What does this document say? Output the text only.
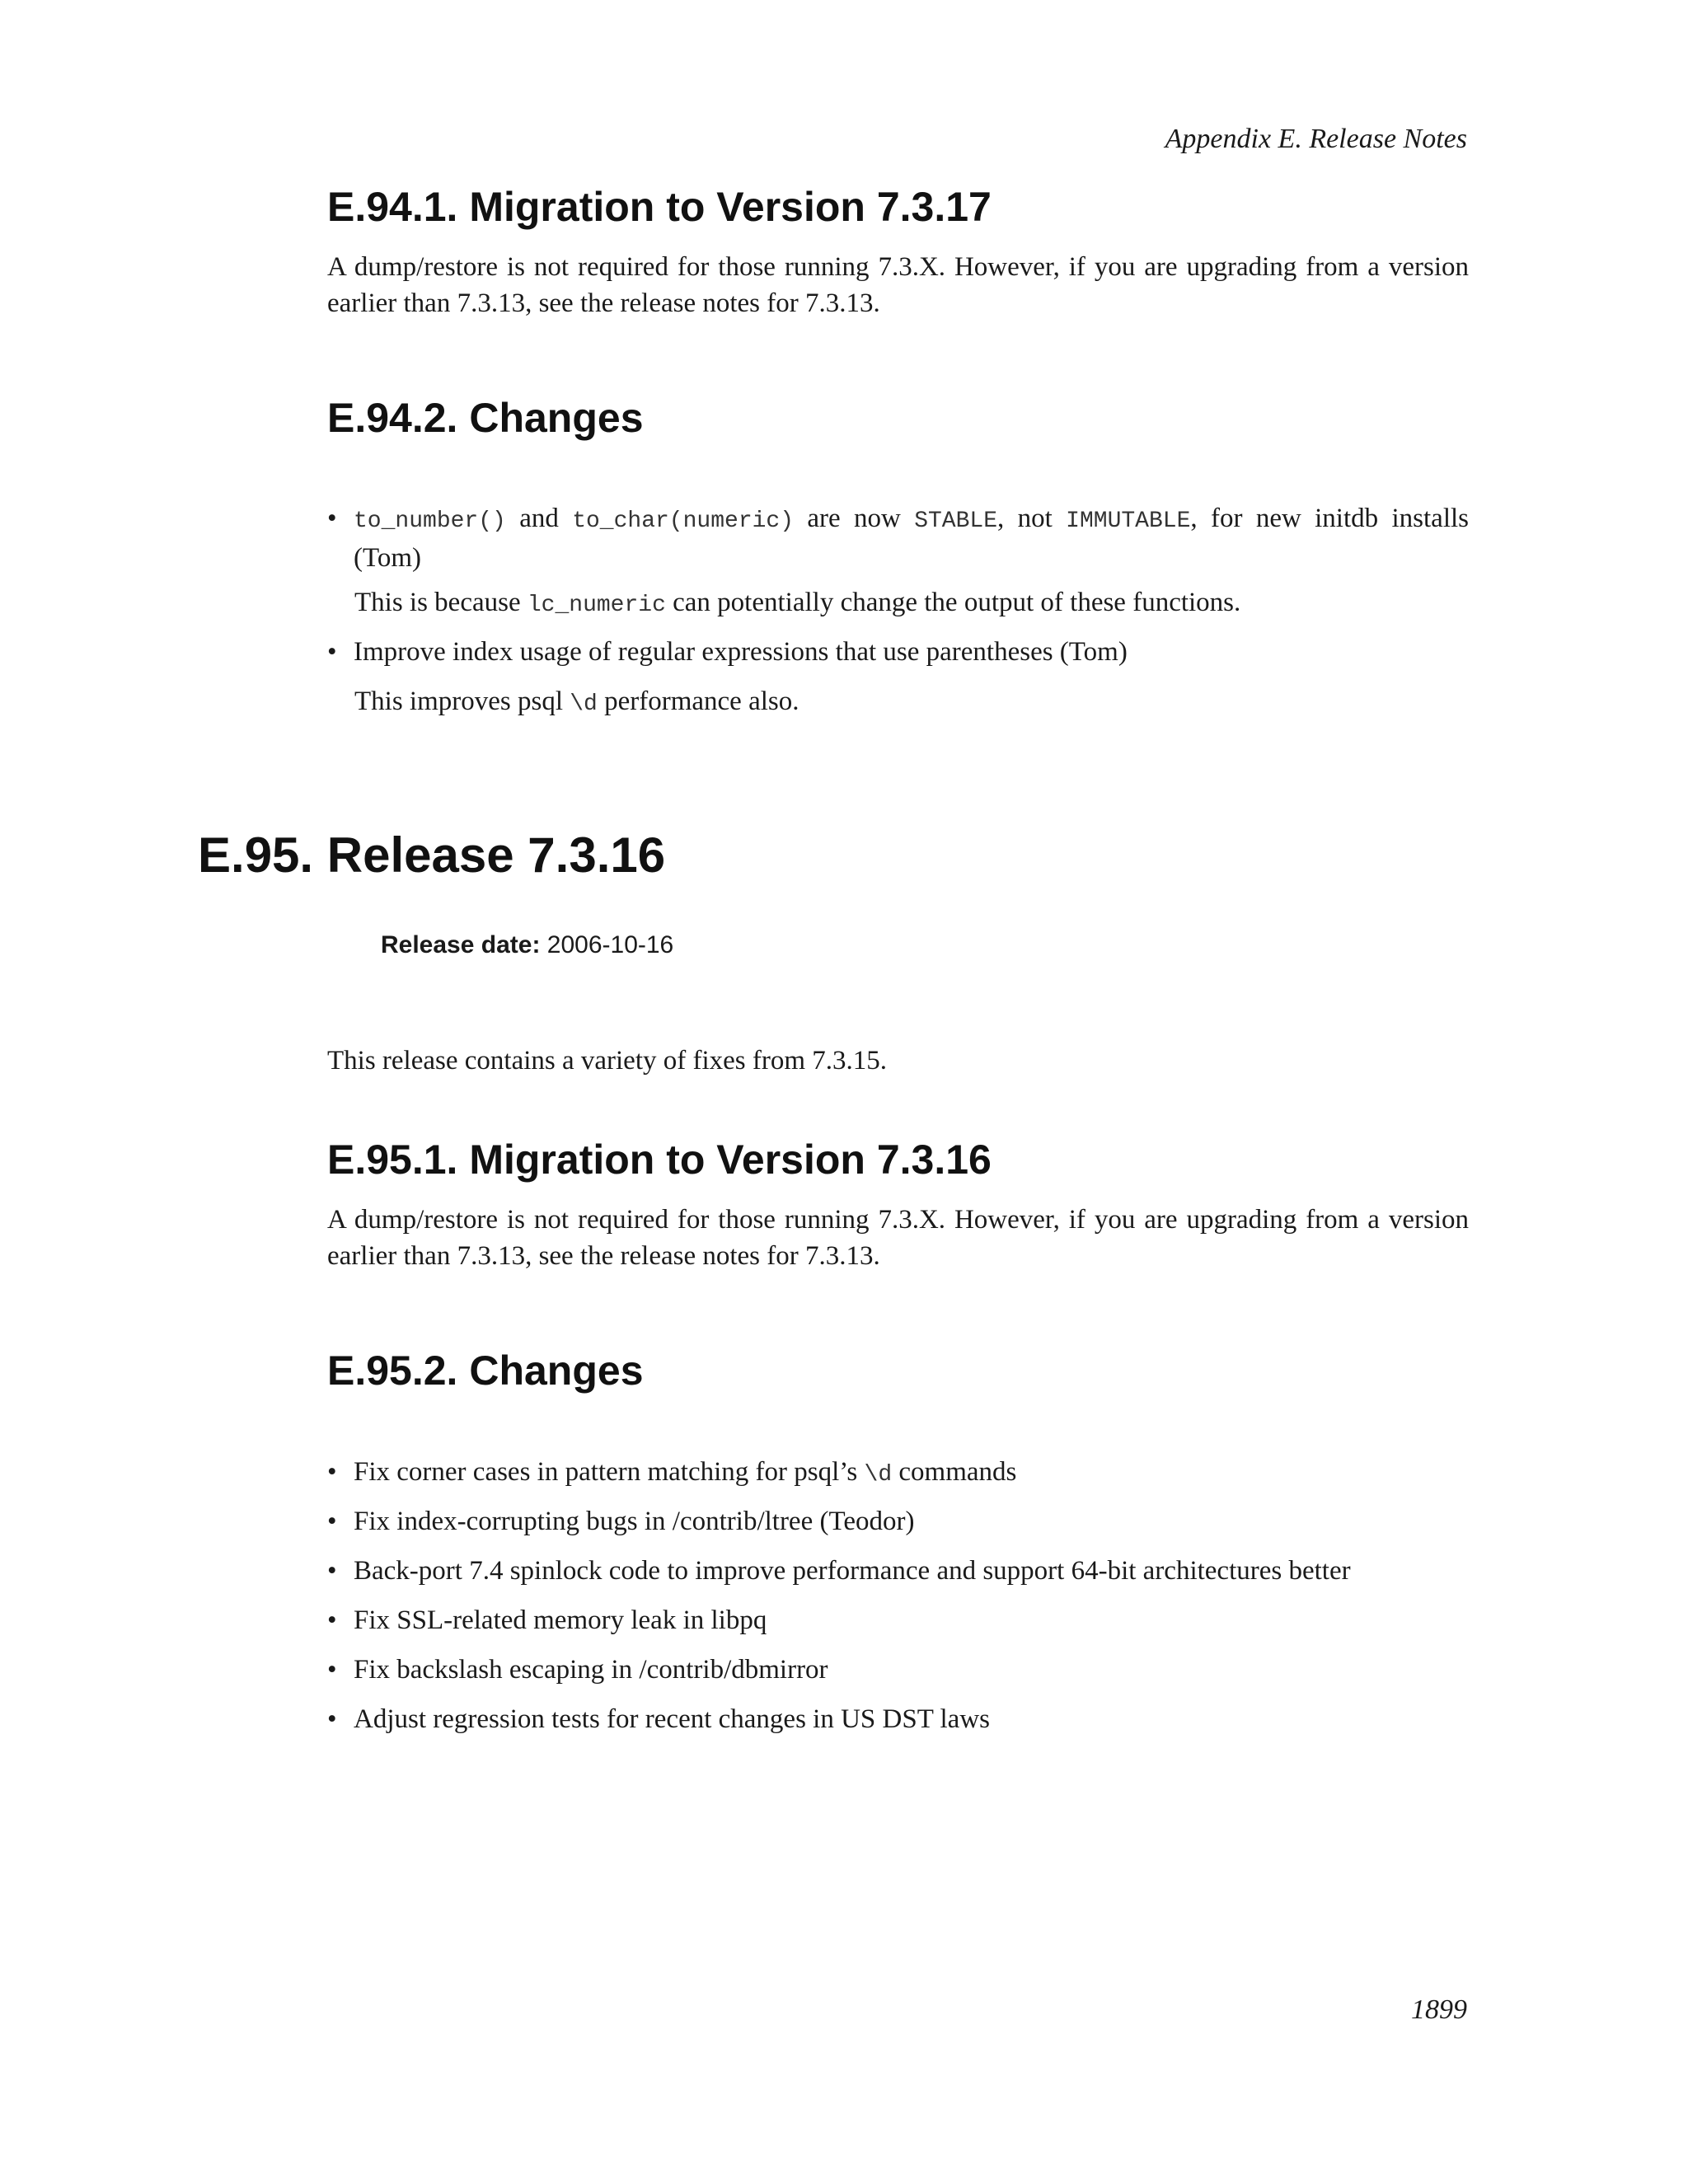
Appendix E. Release Notes
E.94.1. Migration to Version 7.3.17

A dump/restore is not required for those running 7.3.X. However, if you are upgrading from a version earlier than 7.3.13, see the release notes for 7.3.13.

E.94.2. Changes
• to_number() and to_char(numeric) are now STABLE, not IMMUTABLE, for new initdb installs (Tom)
This is because lc_numeric can potentially change the output of these functions.
• Improve index usage of regular expressions that use parentheses (Tom)
This improves psql \d performance also.
E.95. Release 7.3.16
Release date: 2006-10-16

This release contains a variety of fixes from 7.3.15.

E.95.1. Migration to Version 7.3.16

A dump/restore is not required for those running 7.3.X. However, if you are upgrading from a version earlier than 7.3.13, see the release notes for 7.3.13.

E.95.2. Changes
• Fix corner cases in pattern matching for psql’s \d commands
• Fix index-corrupting bugs in /contrib/ltree (Teodor)
• Back-port 7.4 spinlock code to improve performance and support 64-bit architectures better
• Fix SSL-related memory leak in libpq
• Fix backslash escaping in /contrib/dbmirror
• Adjust regression tests for recent changes in US DST laws
1899
